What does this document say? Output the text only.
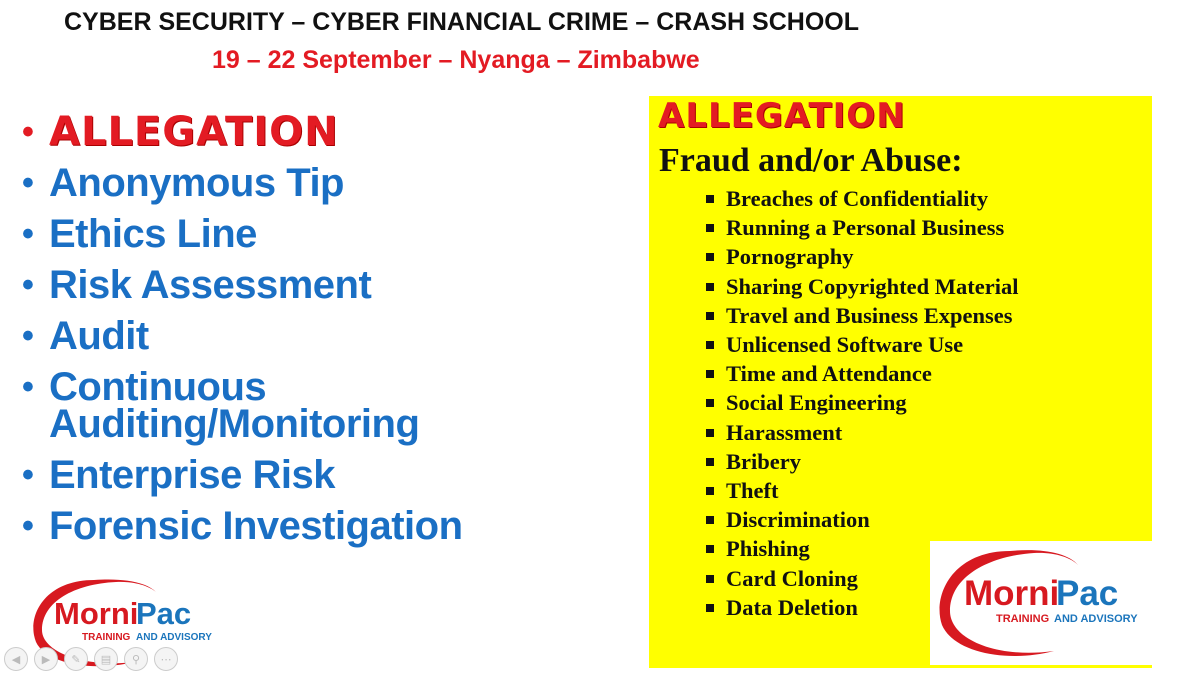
CYBER SECURITY – CYBER FINANCIAL CRIME – CRASH SCHOOL
19 – 22 September – Nyanga – Zimbabwe
• ALLEGATION
• Anonymous Tip
• Ethics Line
• Risk Assessment
• Audit
• Continuous Auditing/Monitoring
• Enterprise Risk
• Forensic Investigation
ALLEGATION
Fraud and/or Abuse:
Breaches of Confidentiality
Running a Personal Business
Pornography
Sharing Copyrighted Material
Travel and Business Expenses
Unlicensed Software Use
Time and Attendance
Social Engineering
Harassment
Bribery
Theft
Discrimination
Phishing
Card Cloning
Data Deletion
Morni
Pac
TRAINING AND ADVISORY
Morni
Pac
TRAINING AND ADVISORY
◀	▶	✎	▤	⚲	⋯
